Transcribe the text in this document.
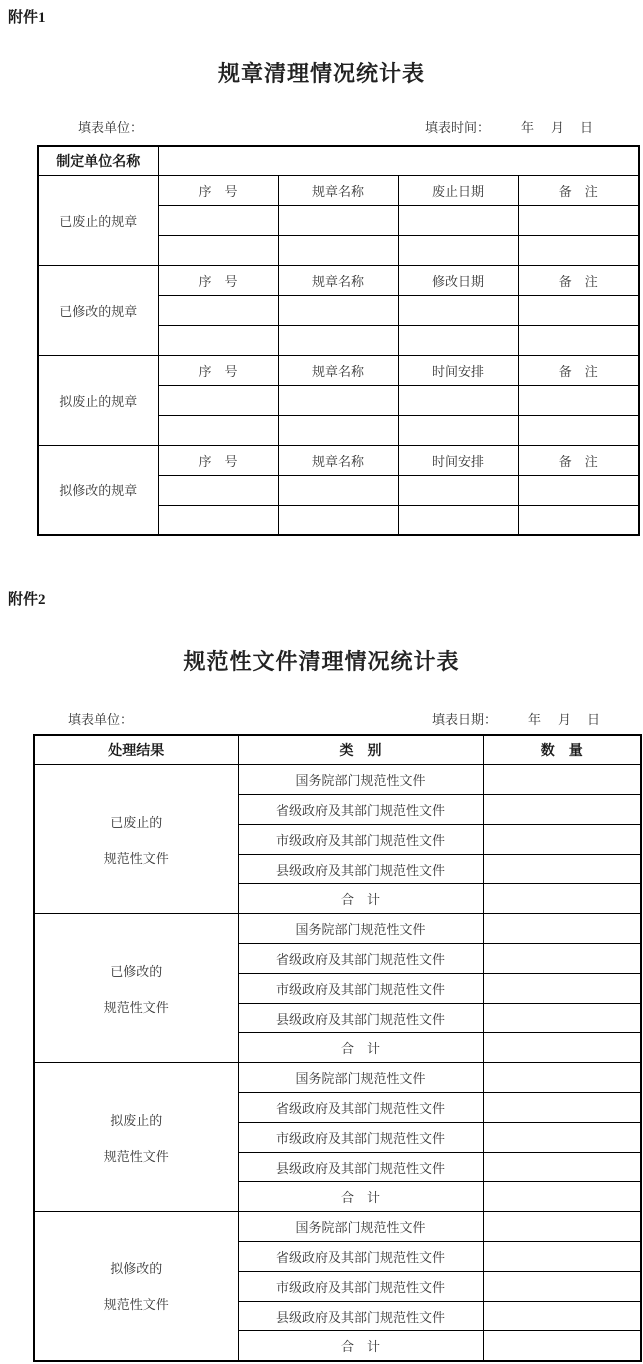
附件1
规章清理情况统计表
填表单位：	填表时间： 年 月 日
制定单位名称				
已废止的规章	序　号	规章名称	废止日期	备　注

已修改的规章	序　号	规章名称	修改日期	备　注

拟废止的规章	序　号	规章名称	时间安排	备　注

拟修改的规章	序　号	规章名称	时间安排	备　注

附件2
规范性文件清理情况统计表
填表单位：	填表日期： 年 月 日
处理结果	类　别	数　量

已废止的
规范性文件	国务院部门规范性文件	
	省级政府及其部门规范性文件	
	市级政府及其部门规范性文件	
	县级政府及其部门规范性文件	
	合　计	

已修改的
规范性文件	国务院部门规范性文件	
	省级政府及其部门规范性文件	
	市级政府及其部门规范性文件	
	县级政府及其部门规范性文件	
	合　计	

拟废止的
规范性文件	国务院部门规范性文件	
	省级政府及其部门规范性文件	
	市级政府及其部门规范性文件	
	县级政府及其部门规范性文件	
	合　计	

拟修改的
规范性文件	国务院部门规范性文件	
	省级政府及其部门规范性文件	
	市级政府及其部门规范性文件	
	县级政府及其部门规范性文件	
	合　计	
